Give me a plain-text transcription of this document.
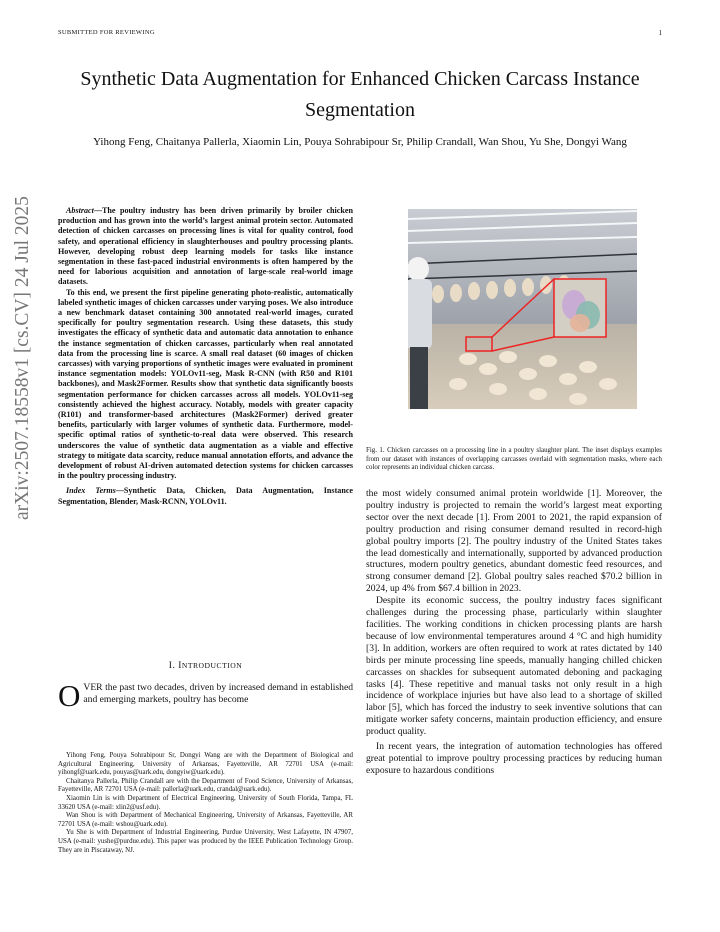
SUBMITTED FOR REVIEWING	1
arXiv:2507.18558v1 [cs.CV] 24 Jul 2025
Synthetic Data Augmentation for Enhanced Chicken Carcass Instance Segmentation
Yihong Feng, Chaitanya Pallerla, Xiaomin Lin, Pouya Sohrabipour Sr, Philip Crandall, Wan Shou, Yu She, Dongyi Wang

Abstract—The poultry industry has been driven primarily by broiler chicken production and has grown into the world’s largest animal protein sector. Automated detection of chicken carcasses on processing lines is vital for quality control, food safety, and operational efficiency in slaughterhouses and poultry processing plants. However, developing robust deep learning models for tasks like instance segmentation in these fast-paced industrial environments is often hampered by the need for laborious acquisition and annotation of large-scale real-world image datasets.

To this end, we present the first pipeline generating photo-realistic, automatically labeled synthetic images of chicken carcasses under varying poses. We also introduce a new benchmark dataset containing 300 annotated real-world images, curated specifically for poultry segmentation research. Using these datasets, this study investigates the efficacy of synthetic data and automatic data annotation to enhance the instance segmentation of chicken carcasses, particularly when real annotated data from the processing line is scarce. A small real dataset (60 images of chicken carcasses) with varying proportions of synthetic images were evaluated in prominent instance segmentation models: YOLOv11-seg, Mask R-CNN (with R50 and R101 backbones), and Mask2Former. Results show that synthetic data significantly boosts segmentation performance for chicken carcasses across all models. YOLOv11-seg consistently achieved the highest accuracy. Notably, models with greater capacity (R101) and transformer-based architectures (Mask2Former) derived greater benefits, particularly with larger volumes of synthetic data. Furthermore, model-specific optimal ratios of synthetic-to-real data were observed. This research underscores the value of synthetic data augmentation as a viable and effective strategy to mitigate data scarcity, reduce manual annotation efforts, and advance the development of robust AI-driven automated detection systems for chicken carcasses in the poultry processing industry.

Index Terms—Synthetic Data, Chicken, Data Augmentation, Instance Segmentation, Blender, Mask-RCNN, YOLOv11.

I. INTRODUCTION
OVER the past two decades, driven by increased demand in established and emerging markets, poultry has become

Yihong Feng, Pouya Sohrabipour Sr, Dongyi Wang are with the Department of Biological and Agricultural Engineering, University of Arkansas, Fayetteville, AR 72701 USA (e-mail: yihongf@uark.edu, pouyas@uark.edu, dongyiw@uark.edu).

Chaitanya Pallerla, Philip Crandall are with the Department of Food Science, University of Arkansas, Fayetteville, AR 72701 USA (e-mail: pallerla@uark.edu, crandal@uark.edu).

Xiaomin Lin is with Department of Electrical Engineering, University of South Florida, Tampa, FL 33620 USA (e-mail: xlin2@usf.edu).

Wan Shou is with Department of Mechanical Engineering, University of Arkansas, Fayetteville, AR 72701 USA (e-mail: wshou@uark.edu).

Yu She is with Department of Industrial Engineering, Purdue University, West Lafayette, IN 47907, USA (e-mail: yushe@purdue.edu). This paper was produced by the IEEE Publication Technology Group. They are in Piscataway, NJ.

Fig. 1. Chicken carcasses on a processing line in a poultry slaughter plant. The inset displays examples from our dataset with instances of overlapping carcasses overlaid with segmentation masks, where each color represents an individual chicken carcass.

the most widely consumed animal protein worldwide [1]. Moreover, the poultry industry is projected to remain the world’s largest meat exporting sector over the next decade [1]. From 2001 to 2021, the rapid expansion of poultry production and rising consumer demand resulted in record-high global poultry imports [2]. The poultry industry of the United States takes the lead domestically and internationally, supported by advanced production structures, modern poultry genetics, abundant domestic feed resources, and strong consumer demand [2]. Global poultry sales reached $70.2 billion in 2024, up 4% from $67.4 billion in 2023.

Despite its economic success, the poultry industry faces significant challenges during the processing phase, particularly within slaughter facilities. The working conditions in chicken processing plants are harsh because of low environmental temperatures around 4 °C and high humidity [3]. In addition, workers are often required to work at rates dictated by 140 birds per minute processing line speeds, manually hanging chilled chicken carcasses on shackles for subsequent automated deboning and packaging tasks [4]. These repetitive and manual tasks not only result in a high incidence of workplace injuries but have also lead to a shortage of skilled labor [5], which has forced the industry to seek inventive solutions that can mitigate worker safety concerns, maintain production efficiency, and ensure product quality.

In recent years, the integration of automation technologies has offered great potential to improve poultry processing practices by reducing human exposure to hazardous conditions
